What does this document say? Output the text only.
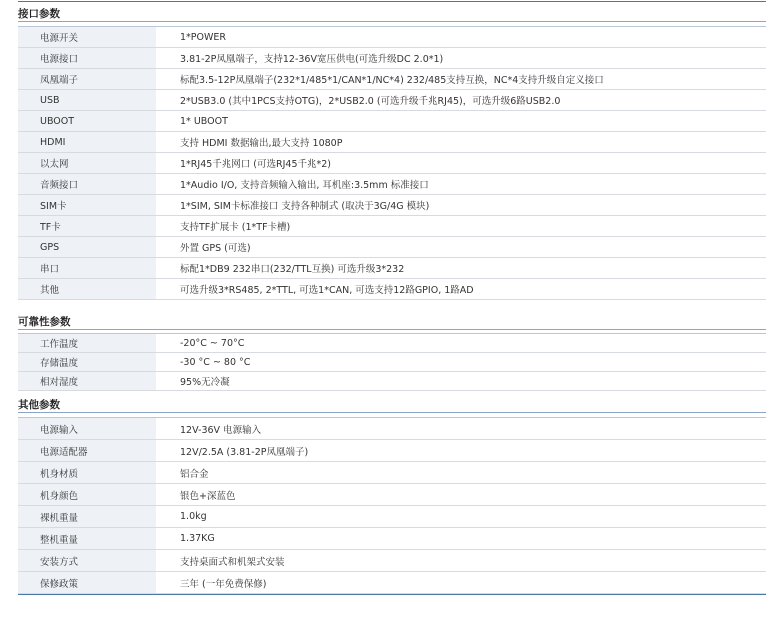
接口参数
电源开关	1*POWER
电源接口	3.81-2P凤凰端子，支持12-36V宽压供电(可选升级DC 2.0*1)
凤凰端子	标配3.5-12P凤凰端子(232*1/485*1/CAN*1/NC*4) 232/485支持互换，NC*4支持升级自定义接口
USB	2*USB3.0 (其中1PCS支持OTG)，2*USB2.0 (可选升级千兆RJ45)，可选升级6路USB2.0
UBOOT	1* UBOOT
HDMI	支持 HDMI 数据输出,最大支持 1080P
以太网	1*RJ45千兆网口 (可选RJ45千兆*2)
音频接口	1*Audio I/O, 支持音频输入输出, 耳机座:3.5mm 标准接口
SIM卡	1*SIM, SIM卡标准接口 支持各种制式 (取决于3G/4G 模块)
TF卡	支持TF扩展卡 (1*TF卡槽)
GPS	外置 GPS (可选)
串口	标配1*DB9 232串口(232/TTL互换) 可选升级3*232
其他	可选升级3*RS485, 2*TTL, 可选1*CAN, 可选支持12路GPIO, 1路AD
可靠性参数
工作温度	-20°C ~ 70°C
存储温度	-30 °C ~ 80 °C
相对湿度	95%无冷凝
其他参数
电源输入	12V-36V 电源输入
电源适配器	12V/2.5A (3.81-2P凤凰端子)
机身材质	铝合金
机身颜色	银色+深蓝色
裸机重量	1.0kg
整机重量	1.37KG
安装方式	支持桌面式和机架式安装
保修政策	三年 (一年免费保修)
